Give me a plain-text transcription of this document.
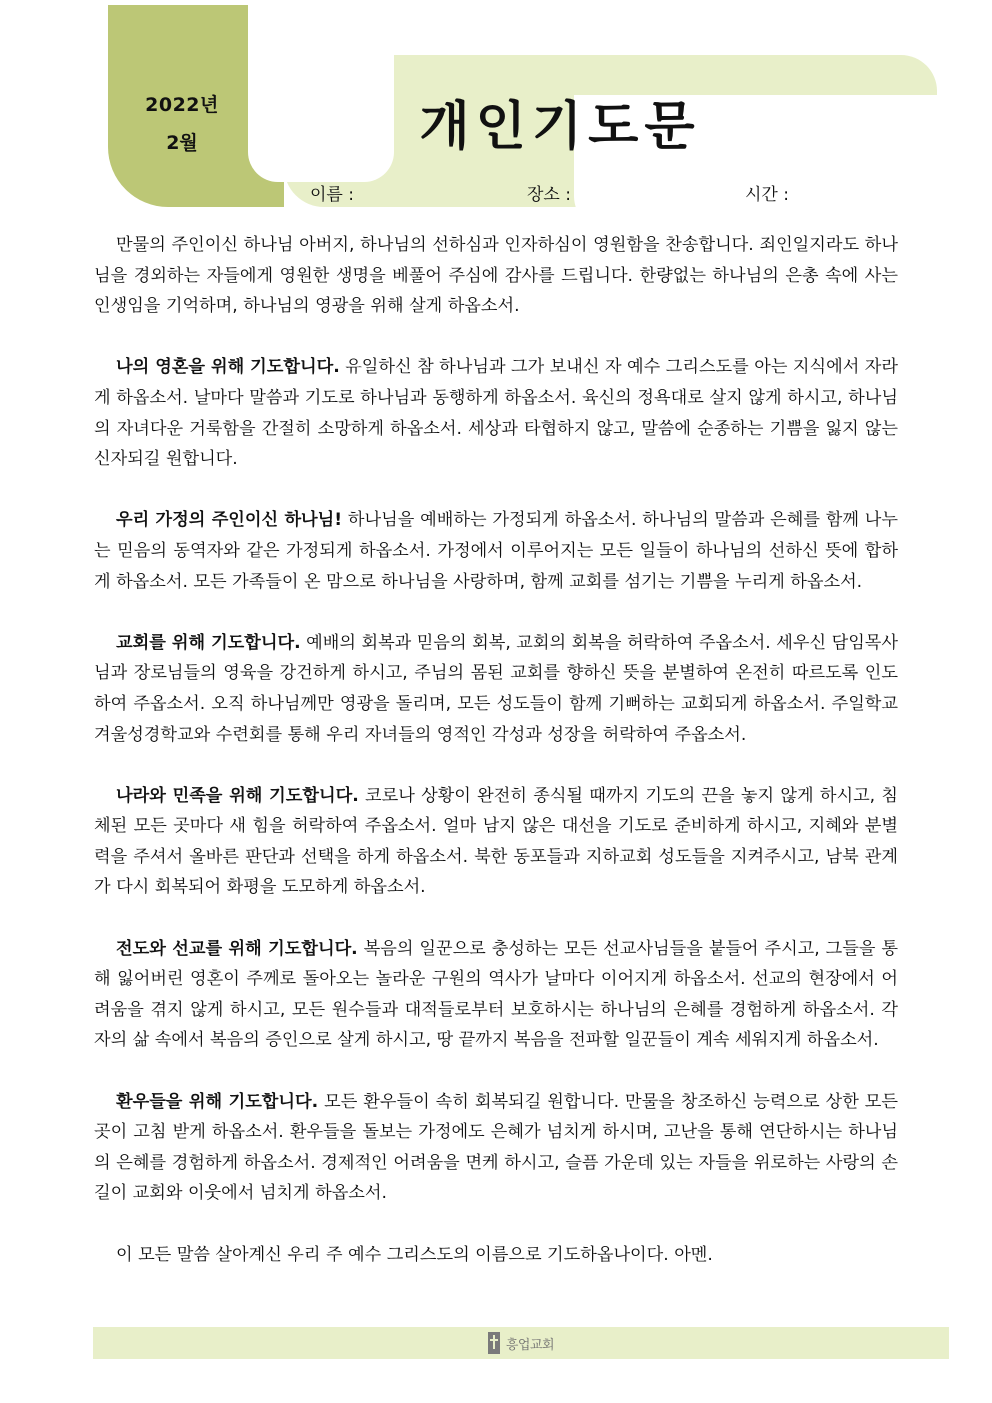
2022년
2월	개인기도문
이름 :	장소 :	시간 :

만물의 주인이신 하나님 아버지, 하나님의 선하심과 인자하심이 영원함을 찬송합니다. 죄인일지라도 하나님을 경외하는 자들에게 영원한 생명을 베풀어 주심에 감사를 드립니다. 한량없는 하나님의 은총 속에 사는 인생임을 기억하며, 하나님의 영광을 위해 살게 하옵소서.

나의 영혼을 위해 기도합니다. 유일하신 참 하나님과 그가 보내신 자 예수 그리스도를 아는 지식에서 자라게 하옵소서. 날마다 말씀과 기도로 하나님과 동행하게 하옵소서. 육신의 정욕대로 살지 않게 하시고, 하나님의 자녀다운 거룩함을 간절히 소망하게 하옵소서. 세상과 타협하지 않고, 말씀에 순종하는 기쁨을 잃지 않는 신자되길 원합니다.

우리 가정의 주인이신 하나님! 하나님을 예배하는 가정되게 하옵소서. 하나님의 말씀과 은혜를 함께 나누는 믿음의 동역자와 같은 가정되게 하옵소서. 가정에서 이루어지는 모든 일들이 하나님의 선하신 뜻에 합하게 하옵소서. 모든 가족들이 온 맘으로 하나님을 사랑하며, 함께 교회를 섬기는 기쁨을 누리게 하옵소서.

교회를 위해 기도합니다. 예배의 회복과 믿음의 회복, 교회의 회복을 허락하여 주옵소서. 세우신 담임목사님과 장로님들의 영육을 강건하게 하시고, 주님의 몸된 교회를 향하신 뜻을 분별하여 온전히 따르도록 인도하여 주옵소서. 오직 하나님께만 영광을 돌리며, 모든 성도들이 함께 기뻐하는 교회되게 하옵소서. 주일학교 겨울성경학교와 수련회를 통해 우리 자녀들의 영적인 각성과 성장을 허락하여 주옵소서.

나라와 민족을 위해 기도합니다. 코로나 상황이 완전히 종식될 때까지 기도의 끈을 놓지 않게 하시고, 침체된 모든 곳마다 새 힘을 허락하여 주옵소서. 얼마 남지 않은 대선을 기도로 준비하게 하시고, 지혜와 분별력을 주셔서 올바른 판단과 선택을 하게 하옵소서. 북한 동포들과 지하교회 성도들을 지켜주시고, 남북 관계가 다시 회복되어 화평을 도모하게 하옵소서.

전도와 선교를 위해 기도합니다. 복음의 일꾼으로 충성하는 모든 선교사님들을 붙들어 주시고, 그들을 통해 잃어버린 영혼이 주께로 돌아오는 놀라운 구원의 역사가 날마다 이어지게 하옵소서. 선교의 현장에서 어려움을 겪지 않게 하시고, 모든 원수들과 대적들로부터 보호하시는 하나님의 은혜를 경험하게 하옵소서. 각자의 삶 속에서 복음의 증인으로 살게 하시고, 땅 끝까지 복음을 전파할 일꾼들이 계속 세워지게 하옵소서.

환우들을 위해 기도합니다. 모든 환우들이 속히 회복되길 원합니다. 만물을 창조하신 능력으로 상한 모든 곳이 고침 받게 하옵소서. 환우들을 돌보는 가정에도 은혜가 넘치게 하시며, 고난을 통해 연단하시는 하나님의 은혜를 경험하게 하옵소서. 경제적인 어려움을 면케 하시고, 슬픔 가운데 있는 자들을 위로하는 사랑의 손길이 교회와 이웃에서 넘치게 하옵소서.

이 모든 말씀 살아계신 우리 주 예수 그리스도의 이름으로 기도하옵나이다. 아멘.

흥업교회
